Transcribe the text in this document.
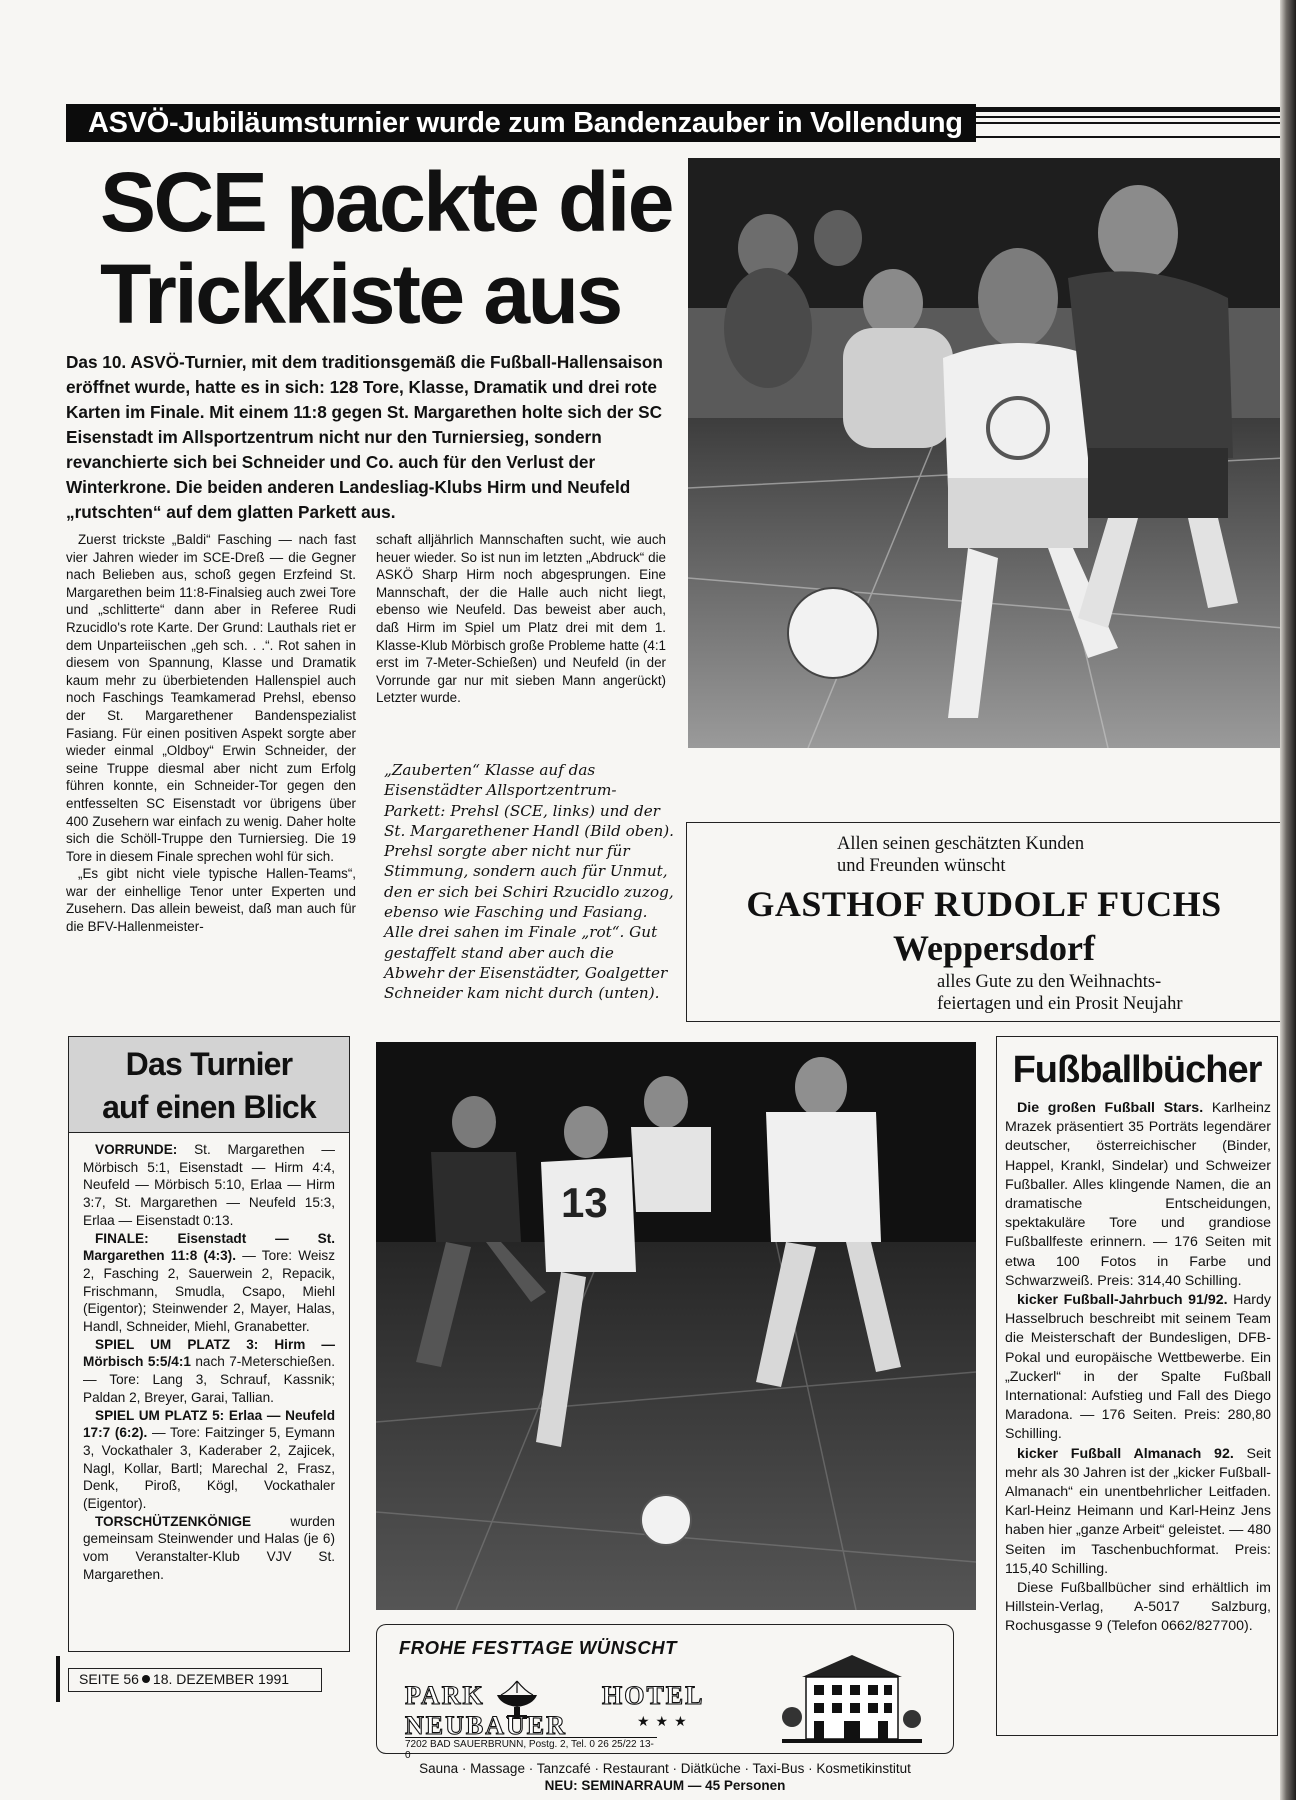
ASVÖ-Jubiläumsturnier wurde zum Bandenzauber in Vollendung
SCE packte die
Trickkiste aus

Das 10. ASVÖ-Turnier, mit dem traditionsgemäß die Fußball-Hallensaison eröffnet wurde, hatte es in sich: 128 Tore, Klasse, Dramatik und drei rote Karten im Finale. Mit einem 11:8 gegen St. Margarethen holte sich der SC Eisenstadt im Allsportzentrum nicht nur den Turniersieg, sondern revanchierte sich bei Schneider und Co. auch für den Verlust der Winterkrone. Die beiden anderen Landesliag-Klubs Hirm und Neufeld „rutschten“ auf dem glatten Parkett aus.

Zuerst trickste „Baldi“ Fasching — nach fast vier Jahren wieder im SCE-Dreß — die Gegner nach Belieben aus, schoß gegen Erzfeind St. Margarethen beim 11:8-Finalsieg auch zwei Tore und „schlitterte“ dann aber in Referee Rudi Rzucidlo's rote Karte. Der Grund: Lauthals riet er dem Unparteiischen „geh sch. . .“. Rot sahen in diesem von Spannung, Klasse und Dramatik kaum mehr zu überbietenden Hallenspiel auch noch Faschings Teamkamerad Prehsl, ebenso der St. Margarethener Bandenspezialist Fasiang. Für einen positiven Aspekt sorgte aber wieder einmal „Oldboy“ Erwin Schneider, der seine Truppe diesmal aber nicht zum Erfolg führen konnte, ein Schneider-Tor gegen den entfesselten SC Eisenstadt vor übrigens über 400 Zusehern war einfach zu wenig. Daher holte sich die Schöll-Truppe den Turniersieg. Die 19 Tore in diesem Finale sprechen wohl für sich.

„Es gibt nicht viele typische Hallen-Teams“, war der einhellige Tenor unter Experten und Zusehern. Das allein beweist, daß man auch für die BFV-Hallenmeister-

schaft alljährlich Mannschaften sucht, wie auch heuer wieder. So ist nun im letzten „Abdruck“ die ASKÖ Sharp Hirm noch abgesprungen. Eine Mannschaft, der die Halle auch nicht liegt, ebenso wie Neufeld. Das beweist aber auch, daß Hirm im Spiel um Platz drei mit dem 1. Klasse-Klub Mörbisch große Probleme hatte (4:1 erst im 7-Meter-Schießen) und Neufeld (in der Vorrunde gar nur mit sieben Mann angerückt) Letzter wurde.

„Zauberten“ Klasse auf das Eisenstädter Allsportzentrum-Parkett: Prehsl (SCE, links) und der St. Margarethener Handl (Bild oben). Prehsl sorgte aber nicht nur für Stimmung, sondern auch für Unmut, den er sich bei Schiri Rzucidlo zuzog, ebenso wie Fasching und Fasiang. Alle drei sahen im Finale „rot“. Gut gestaffelt stand aber auch die Abwehr der Eisenstädter, Goalgetter Schneider kam nicht durch (unten).

Allen seinen geschätzten Kunden
und Freunden wünscht
GASTHOF RUDOLF FUCHS
Weppersdorf
alles Gute zu den Weihnachts-
feiertagen und ein Prosit Neujahr
Das Turnier
auf einen Blick

VORRUNDE: St. Margarethen — Mörbisch 5:1, Eisenstadt — Hirm 4:4, Neufeld — Mörbisch 5:10, Erlaa — Hirm 3:7, St. Margarethen — Neufeld 15:3, Erlaa — Eisenstadt 0:13.

FINALE: Eisenstadt — St. Margarethen 11:8 (4:3). — Tore: Weisz 2, Fasching 2, Sauerwein 2, Repacik, Frischmann, Smudla, Csapo, Miehl (Eigentor); Steinwender 2, Mayer, Halas, Handl, Schneider, Miehl, Granabetter.

SPIEL UM PLATZ 3: Hirm — Mörbisch 5:5/4:1 nach 7-Meterschießen. — Tore: Lang 3, Schrauf, Kassnik; Paldan 2, Breyer, Garai, Tallian.

SPIEL UM PLATZ 5: Erlaa — Neufeld 17:7 (6:2). — Tore: Faitzinger 5, Eymann 3, Vockathaler 3, Kaderaber 2, Zajicek, Nagl, Kollar, Bartl; Marechal 2, Frasz, Denk, Piroß, Kögl, Vockathaler (Eigentor).

TORSCHÜTZENKÖNIGE wurden gemeinsam Steinwender und Halas (je 6) vom Veranstalter-Klub VJV St. Margarethen.

13
SEITE 56 18. DEZEMBER 1991
FROHE FESTTAGE WÜNSCHT
PARK	HOTEL
NEUBAUER	★★★
7202 BAD SAUERBRUNN, Postg. 2, Tel. 0 26 25/22 13-0
Sauna · Massage · Tanzcafé · Restaurant · Diätküche · Taxi-Bus · Kosmetikinstitut
NEU: SEMINARRAUM — 45 Personen
Fußballbücher

Die großen Fußball Stars. Karlheinz Mrazek präsentiert 35 Porträts legendärer deutscher, österreichischer (Binder, Happel, Krankl, Sindelar) und Schweizer Fußballer. Alles klingende Namen, die an dramatische Entscheidungen, spektakuläre Tore und grandiose Fußballfeste erinnern. — 176 Seiten mit etwa 100 Fotos in Farbe und Schwarzweiß. Preis: 314,40 Schilling.

kicker Fußball-Jahrbuch 91/92. Hardy Hasselbruch beschreibt mit seinem Team die Meisterschaft der Bundesligen, DFB-Pokal und europäische Wettbewerbe. Ein „Zuckerl“ in der Spalte Fußball International: Aufstieg und Fall des Diego Maradona. — 176 Seiten. Preis: 280,80 Schilling.

kicker Fußball Almanach 92. Seit mehr als 30 Jahren ist der „kicker Fußball-Almanach“ ein unentbehrlicher Leitfaden. Karl-Heinz Heimann und Karl-Heinz Jens haben hier „ganze Arbeit“ geleistet. — 480 Seiten im Taschenbuchformat. Preis: 115,40 Schilling.

Diese Fußballbücher sind erhältlich im Hillstein-Verlag, A-5017 Salzburg, Rochusgasse 9 (Telefon 0662/827700).
